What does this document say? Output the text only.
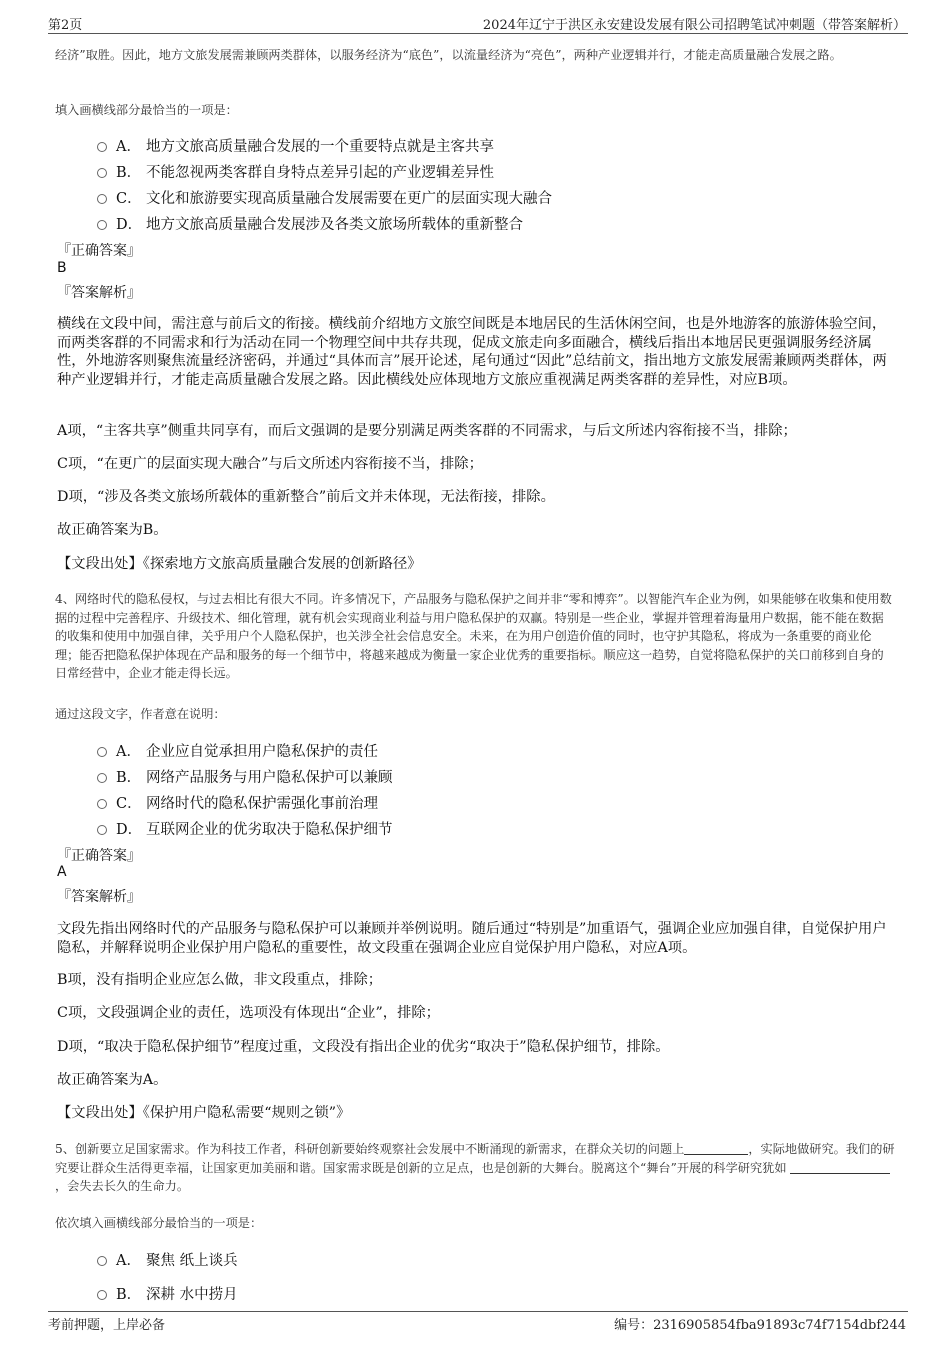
第2页	2024年辽宁于洪区永安建设发展有限公司招聘笔试冲刺题（带答案解析）
经济”取胜。因此，地方文旅发展需兼顾两类群体，以服务经济为“底色”，以流量经济为“亮色”，两种产业逻辑并行，才能走高质量融合发展之路。
填入画横线部分最恰当的一项是：
A． 地方文旅高质量融合发展的一个重要特点就是主客共享
B． 不能忽视两类客群自身特点差异引起的产业逻辑差异性
C． 文化和旅游要实现高质量融合发展需要在更广的层面实现大融合
D． 地方文旅高质量融合发展涉及各类文旅场所载体的重新整合
『正确答案』
B
『答案解析』
横线在文段中间，需注意与前后文的衔接。横线前介绍地方文旅空间既是本地居民的生活休闲空间，也是外地游客的旅游体验空间，而两类客群的不同需求和行为活动在同一个物理空间中共存共现，促成文旅走向多面融合，横线后指出本地居民更强调服务经济属性，外地游客则聚焦流量经济密码，并通过“具体而言”展开论述，尾句通过“因此”总结前文，指出地方文旅发展需兼顾两类群体，两种产业逻辑并行，才能走高质量融合发展之路。因此横线处应体现地方文旅应重视满足两类客群的差异性，对应B项。
A项，“主客共享”侧重共同享有，而后文强调的是要分别满足两类客群的不同需求，与后文所述内容衔接不当，排除；
C项，“在更广的层面实现大融合”与后文所述内容衔接不当，排除；
D项，“涉及各类文旅场所载体的重新整合”前后文并未体现，无法衔接，排除。
故正确答案为B。
【文段出处】《探索地方文旅高质量融合发展的创新路径》
4、网络时代的隐私侵权，与过去相比有很大不同。许多情况下，产品服务与隐私保护之间并非“零和博弈”。以智能汽车企业为例，如果能够在收集和使用数据的过程中完善程序、升级技术、细化管理，就有机会实现商业利益与用户隐私保护的双赢。特别是一些企业，掌握并管理着海量用户数据，能不能在数据的收集和使用中加强自律，关乎用户个人隐私保护，也关涉全社会信息安全。未来，在为用户创造价值的同时，也守护其隐私，将成为一条重要的商业伦理；能否把隐私保护体现在产品和服务的每一个细节中，将越来越成为衡量一家企业优秀的重要指标。顺应这一趋势，自觉将隐私保护的关口前移到自身的日常经营中，企业才能走得长远。
通过这段文字，作者意在说明：
A． 企业应自觉承担用户隐私保护的责任
B． 网络产品服务与用户隐私保护可以兼顾
C． 网络时代的隐私保护需强化事前治理
D． 互联网企业的优劣取决于隐私保护细节
『正确答案』
A
『答案解析』
文段先指出网络时代的产品服务与隐私保护可以兼顾并举例说明。随后通过“特别是”加重语气，强调企业应加强自律，自觉保护用户隐私，并解释说明企业保护用户隐私的重要性，故文段重在强调企业应自觉保护用户隐私，对应A项。
B项，没有指明企业应怎么做，非文段重点，排除；
C项，文段强调企业的责任，选项没有体现出“企业”，排除；
D项，“取决于隐私保护细节”程度过重，文段没有指出企业的优劣“取决于”隐私保护细节，排除。
故正确答案为A。
【文段出处】《保护用户隐私需要“规则之锁”》
5、创新要立足国家需求。作为科技工作者，科研创新要始终观察社会发展中不断涌现的新需求，在群众关切的问题上	，实际地做研究。我们的研究要让群众生活得更幸福，让国家更加美丽和谐。国家需求既是创新的立足点，也是创新的大舞台。脱离这个“舞台”开展的科学研究犹如，会失去长久的生命力。
依次填入画横线部分最恰当的一项是：
A． 聚焦 纸上谈兵
B． 深耕 水中捞月
考前押题，上岸必备	编号：2316905854fba91893c74f7154dbf244
